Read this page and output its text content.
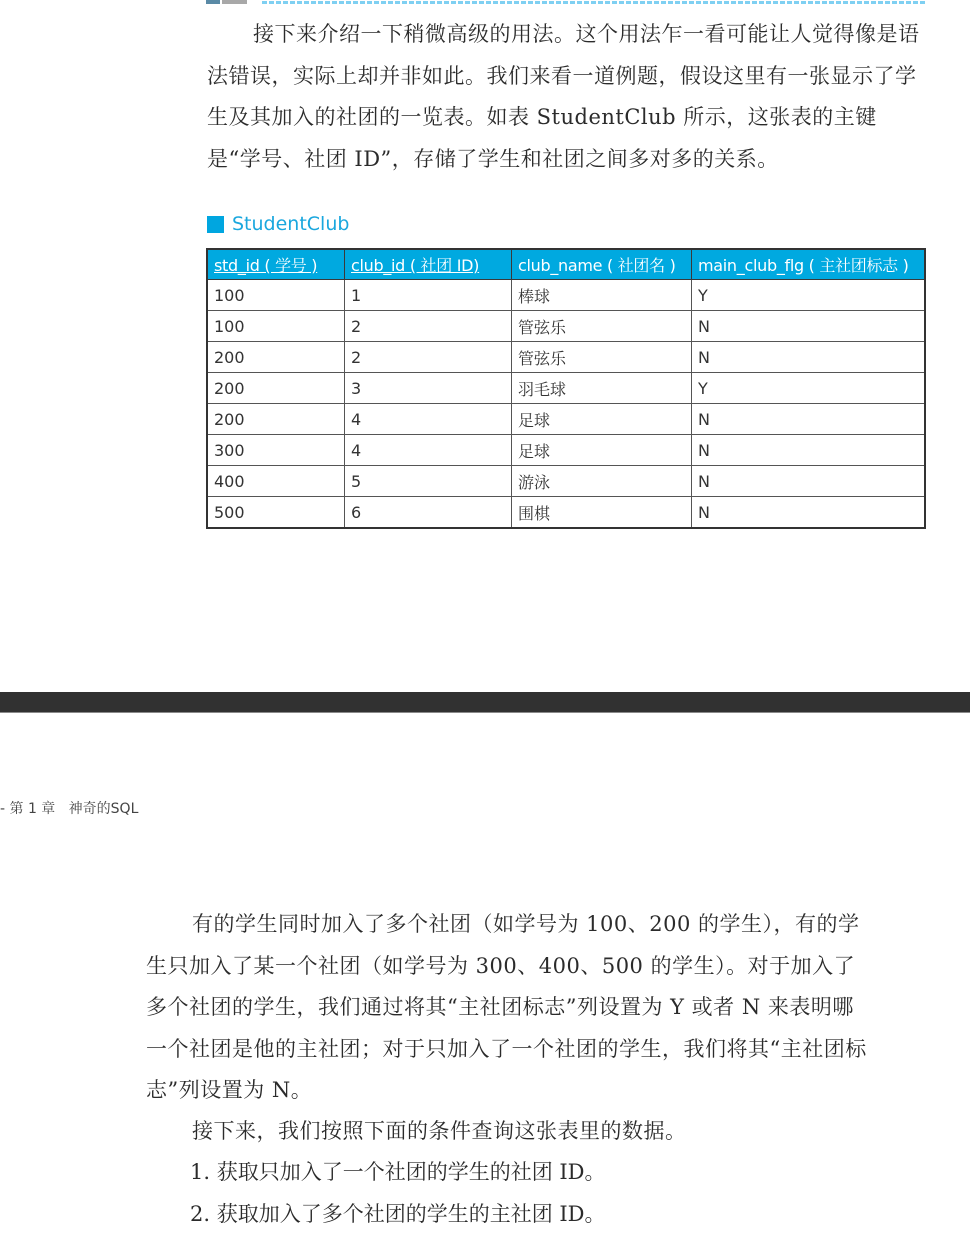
接下来介绍一下稍微高级的用法。这个用法乍一看可能让人觉得像是语法错误，实际上却并非如此。我们来看一道例题，假设这里有一张显示了学生及其加入的社团的一览表。如表 StudentClub 所示，这张表的主键是“学号、社团 ID”，存储了学生和社团之间多对多的关系。

StudentClub
std_id ( 学号 )	club_id ( 社团 ID)	club_name ( 社团名 )	main_club_flg ( 主社团标志 )
100	1	棒球	Y
100	2	管弦乐	N
200	2	管弦乐	N
200	3	羽毛球	Y
200	4	足球	N
300	4	足球	N
400	5	游泳	N
500	6	围棋	N
- 第 1 章   神奇的SQL

有的学生同时加入了多个社团（如学号为 100、200 的学生），有的学生只加入了某一个社团（如学号为 300、400、500 的学生）。对于加入了多个社团的学生，我们通过将其“主社团标志”列设置为 Y 或者 N 来表明哪一个社团是他的主社团；对于只加入了一个社团的学生，我们将其“主社团标志”列设置为 N。

接下来，我们按照下面的条件查询这张表里的数据。

1. 获取只加入了一个社团的学生的社团 ID。
2. 获取加入了多个社团的学生的主社团 ID。
